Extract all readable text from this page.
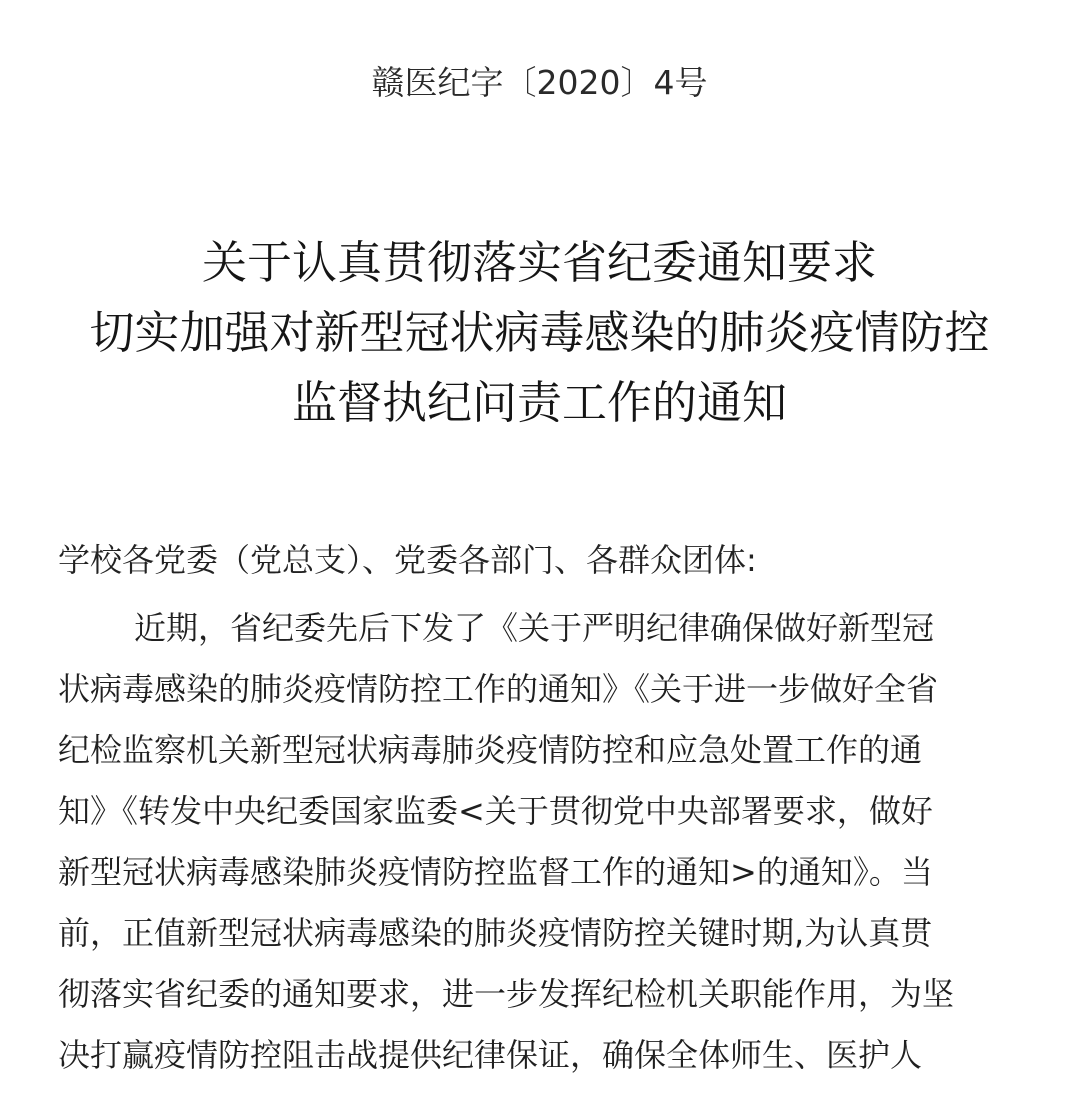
赣医纪字〔2020〕4号
关于认真贯彻落实省纪委通知要求
切实加强对新型冠状病毒感染的肺炎疫情防控
监督执纪问责工作的通知
学校各党委（党总支）、党委各部门、各群众团体:
近期，省纪委先后下发了《关于严明纪律确保做好新型冠
状病毒感染的肺炎疫情防控工作的通知》《关于进一步做好全省
纪检监察机关新型冠状病毒肺炎疫情防控和应急处置工作的通
知》《转发中央纪委国家监委<关于贯彻党中央部署要求，做好
新型冠状病毒感染肺炎疫情防控监督工作的通知>的通知》。当
前，正值新型冠状病毒感染的肺炎疫情防控关键时期,为认真贯
彻落实省纪委的通知要求，进一步发挥纪检机关职能作用，为坚
决打赢疫情防控阻击战提供纪律保证，确保全体师生、医护人
